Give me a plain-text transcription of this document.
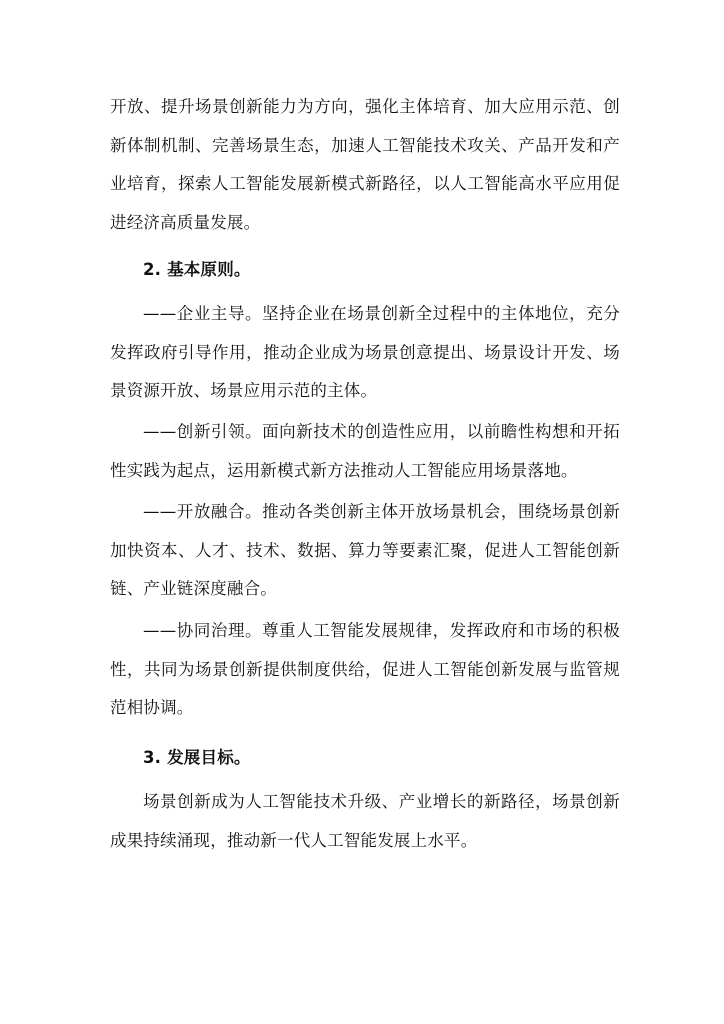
开放、提升场景创新能力为方向，强化主体培育、加大应用示范、创新体制机制、完善场景生态，加速人工智能技术攻关、产品开发和产业培育，探索人工智能发展新模式新路径，以人工智能高水平应用促进经济高质量发展。

2. 基本原则。

——企业主导。坚持企业在场景创新全过程中的主体地位，充分发挥政府引导作用，推动企业成为场景创意提出、场景设计开发、场景资源开放、场景应用示范的主体。

——创新引领。面向新技术的创造性应用，以前瞻性构想和开拓性实践为起点，运用新模式新方法推动人工智能应用场景落地。

——开放融合。推动各类创新主体开放场景机会，围绕场景创新加快资本、人才、技术、数据、算力等要素汇聚，促进人工智能创新链、产业链深度融合。

——协同治理。尊重人工智能发展规律，发挥政府和市场的积极性，共同为场景创新提供制度供给，促进人工智能创新发展与监管规范相协调。

3. 发展目标。

场景创新成为人工智能技术升级、产业增长的新路径，场景创新成果持续涌现，推动新一代人工智能发展上水平。
